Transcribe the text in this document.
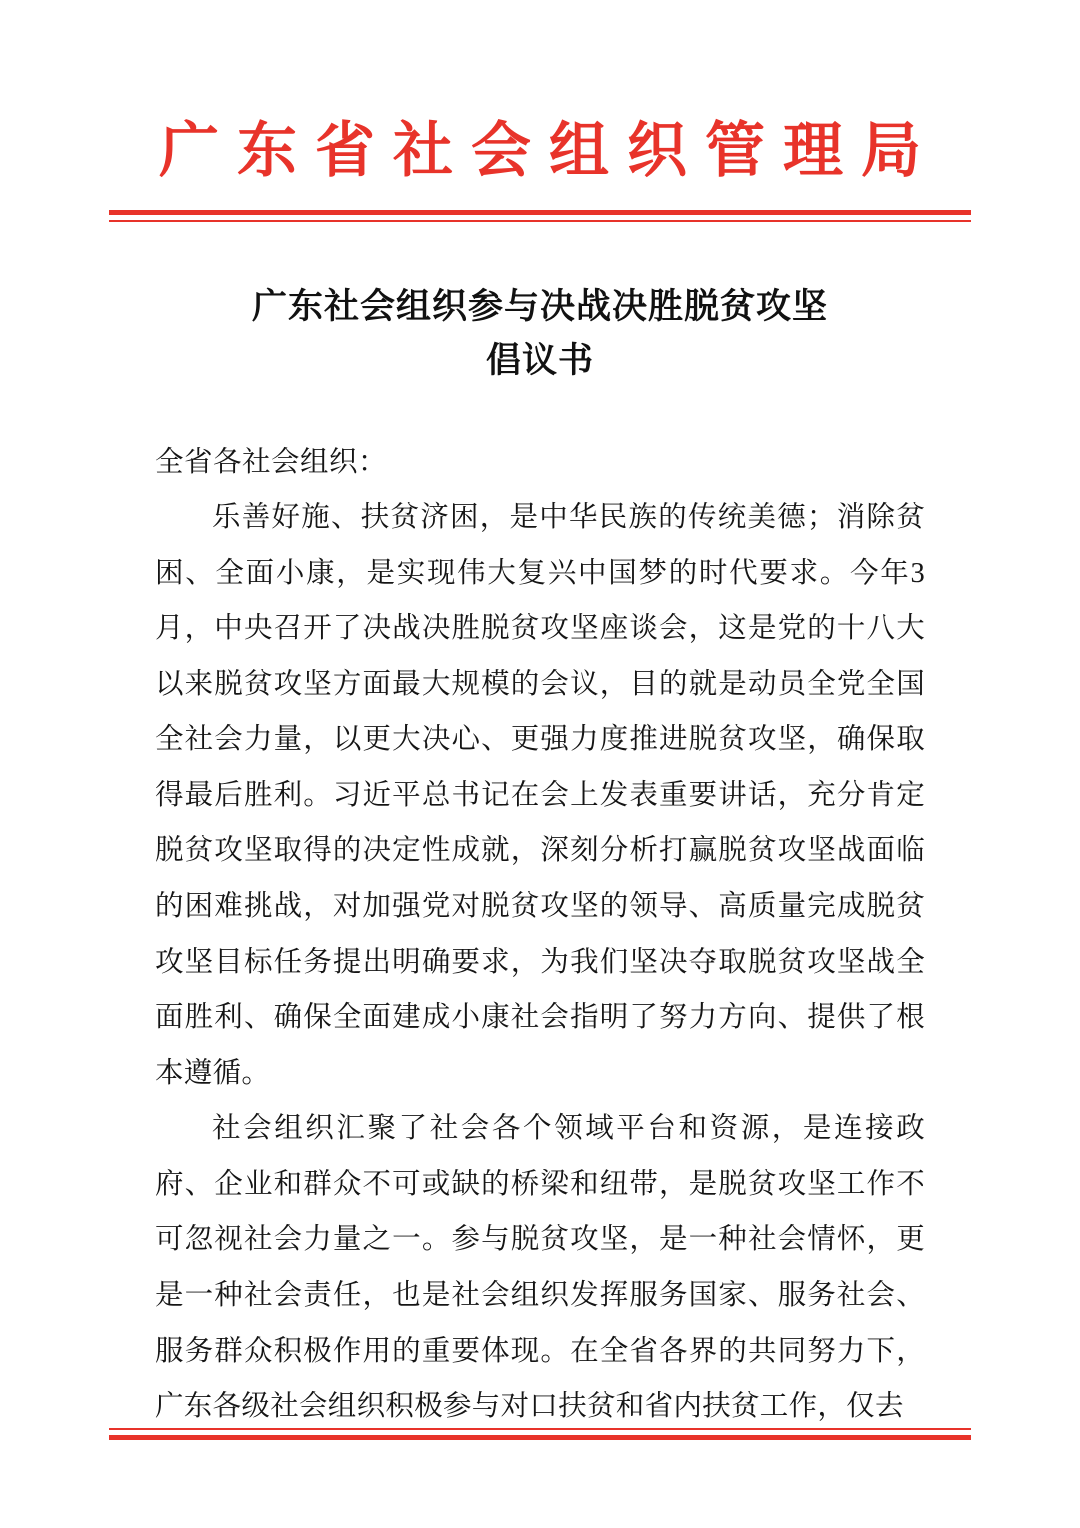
广东省社会组织管理局
广东社会组织参与决战决胜脱贫攻坚
倡议书
全省各社会组织：

乐善好施、扶贫济困，是中华民族的传统美德；消除贫困、全面小康，是实现伟大复兴中国梦的时代要求。今年3月，中央召开了决战决胜脱贫攻坚座谈会，这是党的十八大以来脱贫攻坚方面最大规模的会议，目的就是动员全党全国全社会力量，以更大决心、更强力度推进脱贫攻坚，确保取得最后胜利。习近平总书记在会上发表重要讲话，充分肯定脱贫攻坚取得的决定性成就，深刻分析打赢脱贫攻坚战面临的困难挑战，对加强党对脱贫攻坚的领导、高质量完成脱贫攻坚目标任务提出明确要求，为我们坚决夺取脱贫攻坚战全面胜利、确保全面建成小康社会指明了努力方向、提供了根本遵循。

社会组织汇聚了社会各个领域平台和资源，是连接政府、企业和群众不可或缺的桥梁和纽带，是脱贫攻坚工作不可忽视社会力量之一。参与脱贫攻坚，是一种社会情怀，更是一种社会责任，也是社会组织发挥服务国家、服务社会、服务群众积极作用的重要体现。在全省各界的共同努力下，广东各级社会组织积极参与对口扶贫和省内扶贫工作，仅去
